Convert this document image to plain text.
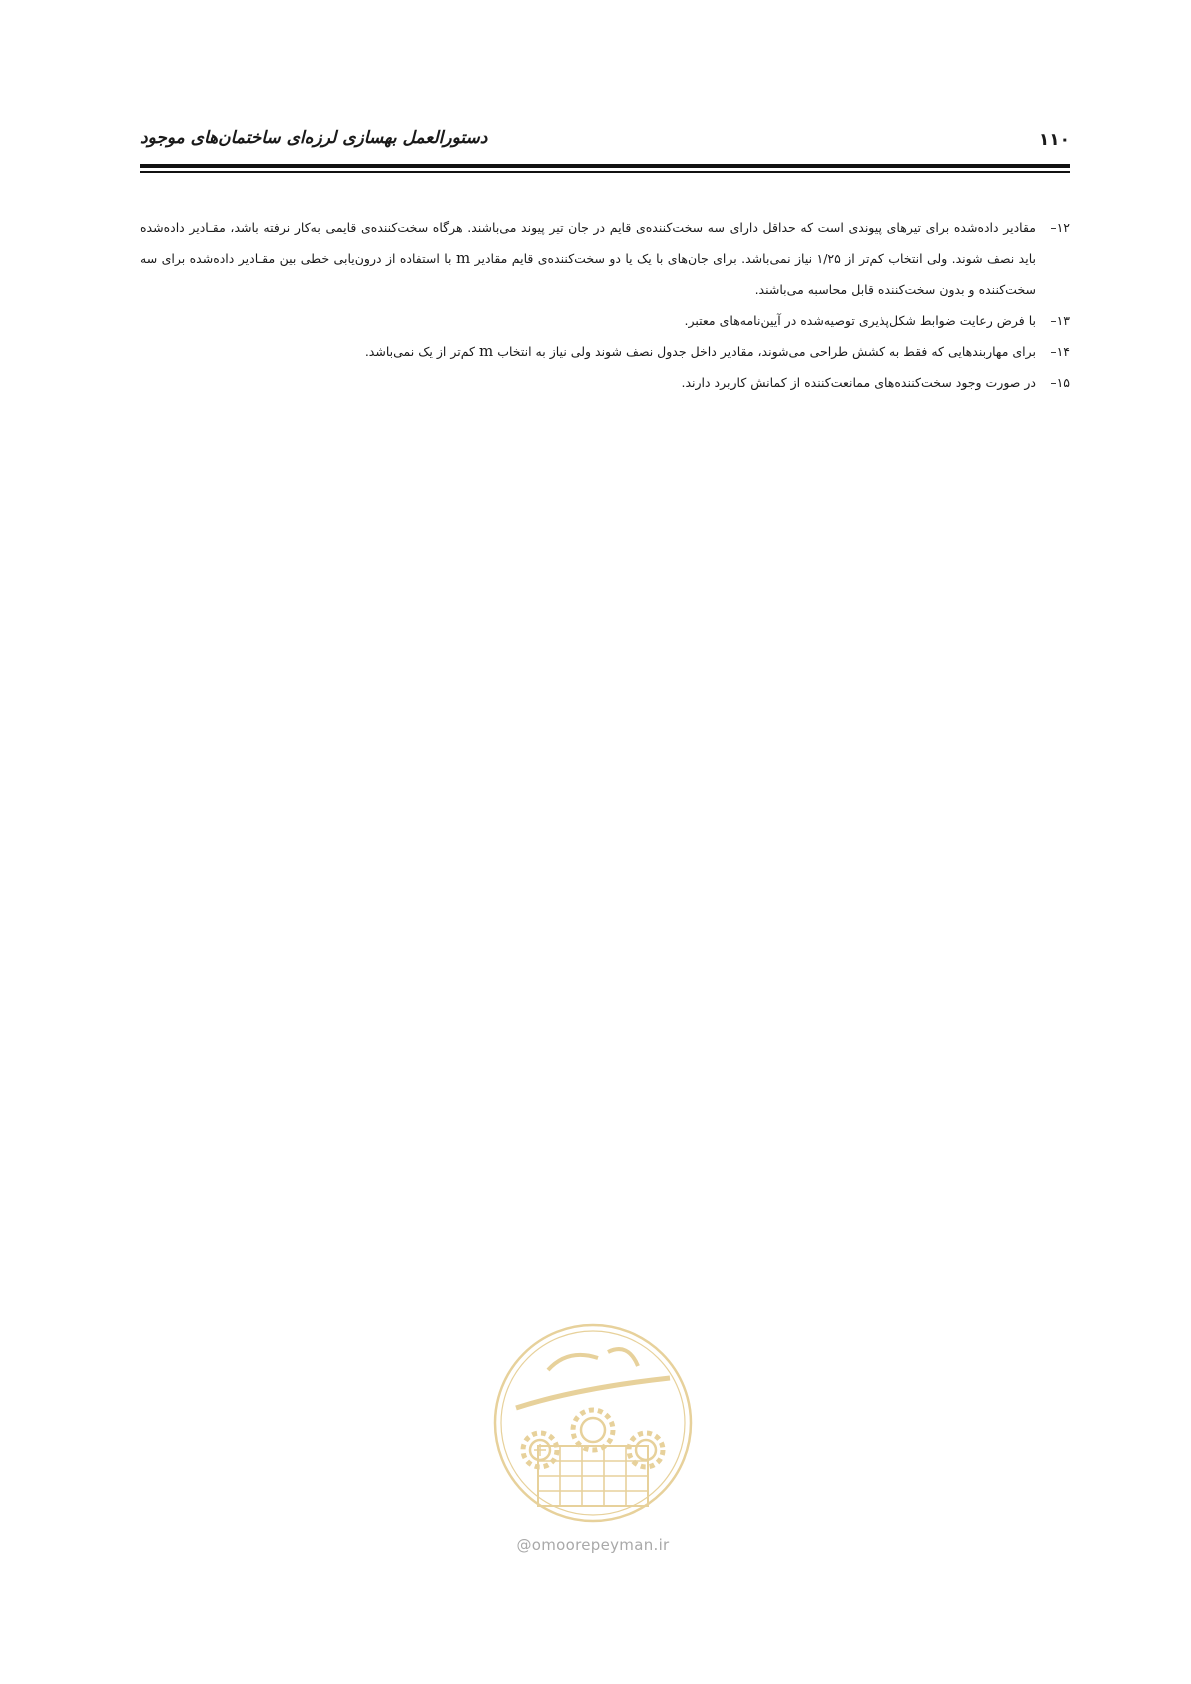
دستورالعمل بهسازی لرزه‌ای ساختمان‌های موجود	۱۱۰
۱۲–
مقادیر داده‌شده برای تیرهای پیوندی است که حداقل دارای سه سخت‌کننده‌ی قایم در جان تیر پیوند می‌باشند. هرگاه سخت‌کننده‌ی قایمی به‌کار نرفته باشد، مقـادیر داده‌شده باید نصف شوند. ولی انتخاب کم‌تر از ۱/۲۵ نیاز نمی‌باشد. برای جان‌های با یک یا دو سخت‌کننده‌ی قایم مقادیر m با استفاده از درون‌یابی خطی بین مقـادیر داده‌شده برای سه سخت‌کننده و بدون سخت‌کننده قابل محاسبه می‌باشند.
۱۳–
با فرض رعایت ضوابط شکل‌پذیری توصیه‌شده در آیین‌نامه‌های معتبر.
۱۴–
برای مهاربندهایی که فقط به کشش طراحی می‌شوند، مقادیر داخل جدول نصف شوند ولی نیاز به انتخاب m کم‌تر از یک نمی‌باشد.
۱۵–
در صورت وجود سخت‌کننده‌های ممانعت‌کننده از کمانش کاربرد دارند.
@omoorepeyman.ir
